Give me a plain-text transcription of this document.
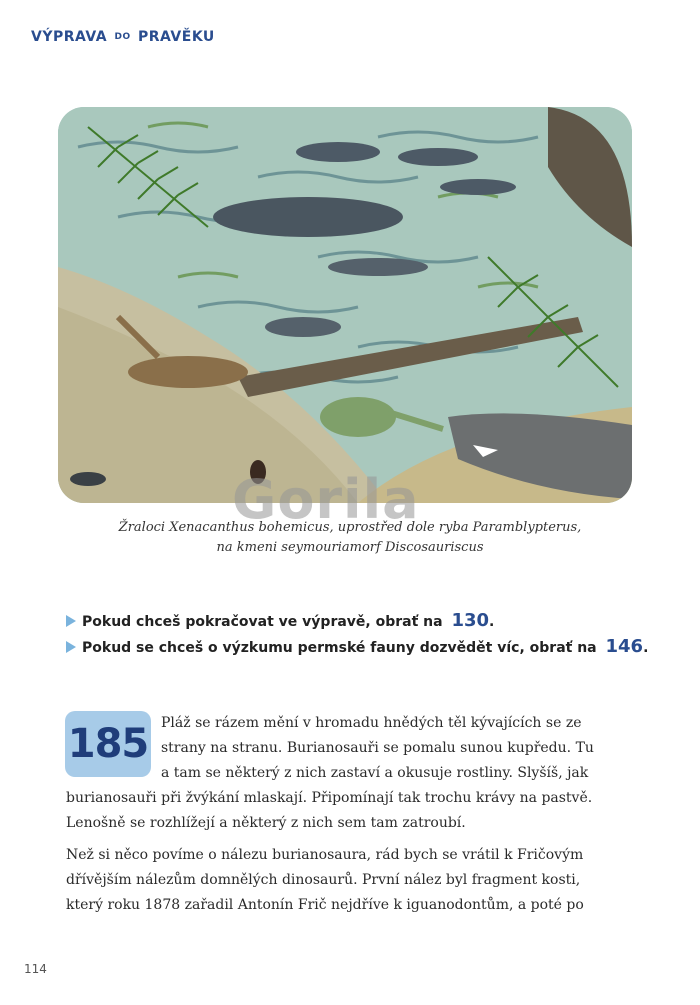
VÝPRAVA DO PRAVĚKU
Gorila
Žraloci Xenacanthus bohemicus, uprostřed dole ryba Paramblypterus,
na kmeni seymouriamorf Discosauriscus
Pokud chceš pokračovat ve výpravě, obrať na 130.
Pokud se chceš o výzkumu permské fauny dozvědět víc, obrať na 146.
185 Pláž se rázem mění v hromadu hnědých těl kývajících se ze
strany na stranu. Burianosauři se pomalu sunou kupředu. Tu
a tam se některý z nich zastaví a okusuje rostliny. Slyšíš, jak
burianosauři při žvýkání mlaskají. Připomínají tak trochu krávy na pastvě.
Lenošně se rozhlížejí a některý z nich sem tam zatroubí.
Než si něco povíme o nálezu burianosaura, rád bych se vrátil k Fričovým
dřívějším nálezům domnělých dinosaurů. První nález byl fragment kosti,
který roku 1878 zařadil Antonín Frič nejdříve k iguanodontům, a poté po
114
